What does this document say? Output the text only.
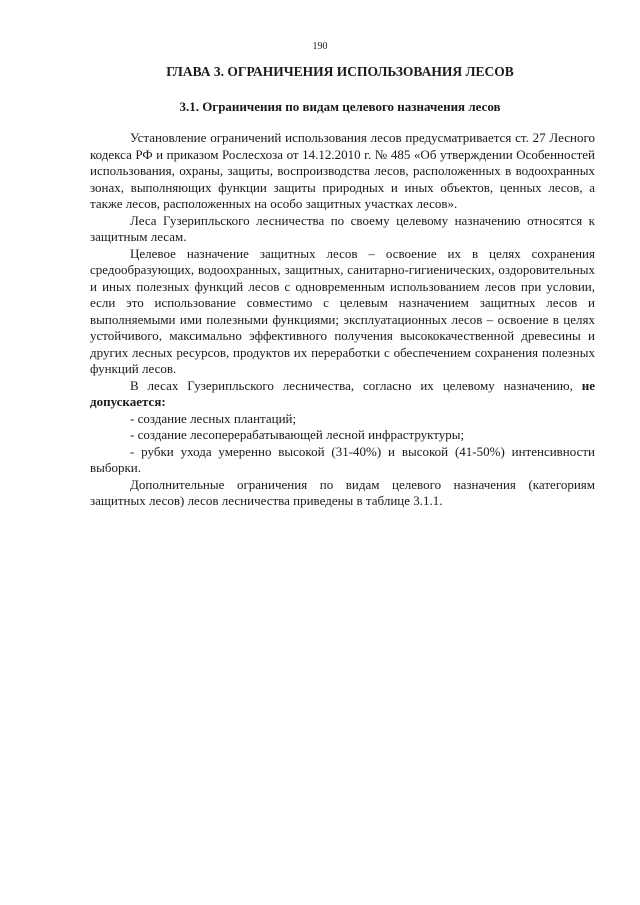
190
ГЛАВА 3. ОГРАНИЧЕНИЯ ИСПОЛЬЗОВАНИЯ ЛЕСОВ
3.1. Ограничения по видам целевого назначения лесов

Установление ограничений использования лесов предусматривается ст. 27 Лесного кодекса РФ и приказом Рослесхоза от 14.12.2010 г. № 485 «Об утверждении Особенностей использования, охраны, защиты, воспроизводства лесов, расположенных в водоохранных зонах, выполняющих функции защиты природных и иных объектов, ценных лесов, а также лесов, расположенных на особо защитных участках лесов».

Леса Гузерипльского лесничества по своему целевому назначению относятся к защитным лесам.

Целевое назначение защитных лесов – освоение их в целях сохранения средообразующих, водоохранных, защитных, санитарно-гигиенических, оздоровительных и иных полезных функций лесов с одновременным использованием лесов при условии, если это использование совместимо с целевым назначением защитных лесов и выполняемыми ими полезными функциями; эксплуатационных лесов – освоение в целях устойчивого, максимально эффективного получения высококачественной древесины и других лесных ресурсов, продуктов их переработки с обеспечением сохранения полезных функций лесов.

В лесах Гузерипльского лесничества, согласно их целевому назначению, не допускается:

- создание лесных плантаций;

- создание лесоперерабатывающей лесной инфраструктуры;

- рубки ухода умеренно высокой (31-40%) и высокой (41-50%) интенсивности выборки.

Дополнительные ограничения по видам целевого назначения (категориям защитных лесов) лесов лесничества приведены в таблице 3.1.1.
